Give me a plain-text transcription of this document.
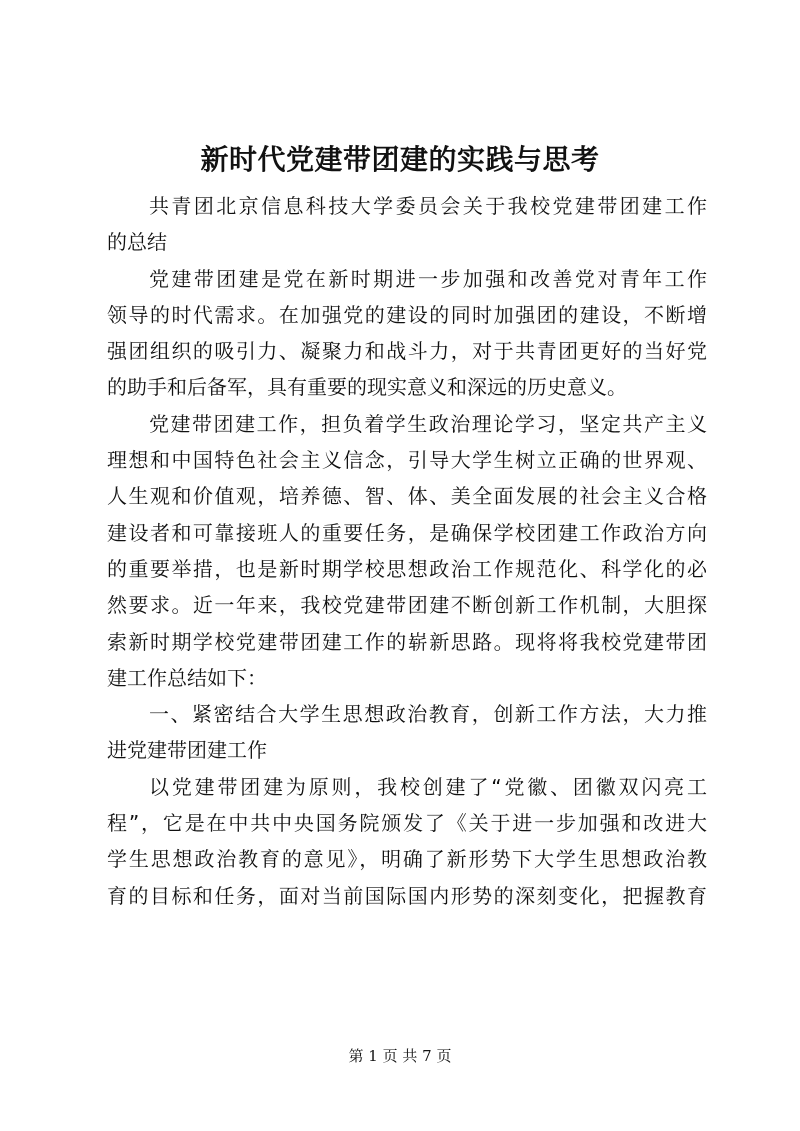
新时代党建带团建的实践与思考
共青团北京信息科技大学委员会关于我校党建带团建工作
的总结
党建带团建是党在新时期进一步加强和改善党对青年工作
领导的时代需求。在加强党的建设的同时加强团的建设，不断增
强团组织的吸引力、凝聚力和战斗力，对于共青团更好的当好党
的助手和后备军，具有重要的现实意义和深远的历史意义。
党建带团建工作，担负着学生政治理论学习，坚定共产主义
理想和中国特色社会主义信念，引导大学生树立正确的世界观、
人生观和价值观，培养德、智、体、美全面发展的社会主义合格
建设者和可靠接班人的重要任务，是确保学校团建工作政治方向
的重要举措，也是新时期学校思想政治工作规范化、科学化的必
然要求。近一年来，我校党建带团建不断创新工作机制，大胆探
索新时期学校党建带团建工作的崭新思路。现将将我校党建带团
建工作总结如下：
一、紧密结合大学生思想政治教育，创新工作方法，大力推
进党建带团建工作
以党建带团建为原则，我校创建了“党徽、团徽双闪亮工
程”，它是在中共中央国务院颁发了《关于进一步加强和改进大
学生思想政治教育的意见》，明确了新形势下大学生思想政治教
育的目标和任务，面对当前国际国内形势的深刻变化，把握教育
第 1 页 共 7 页
